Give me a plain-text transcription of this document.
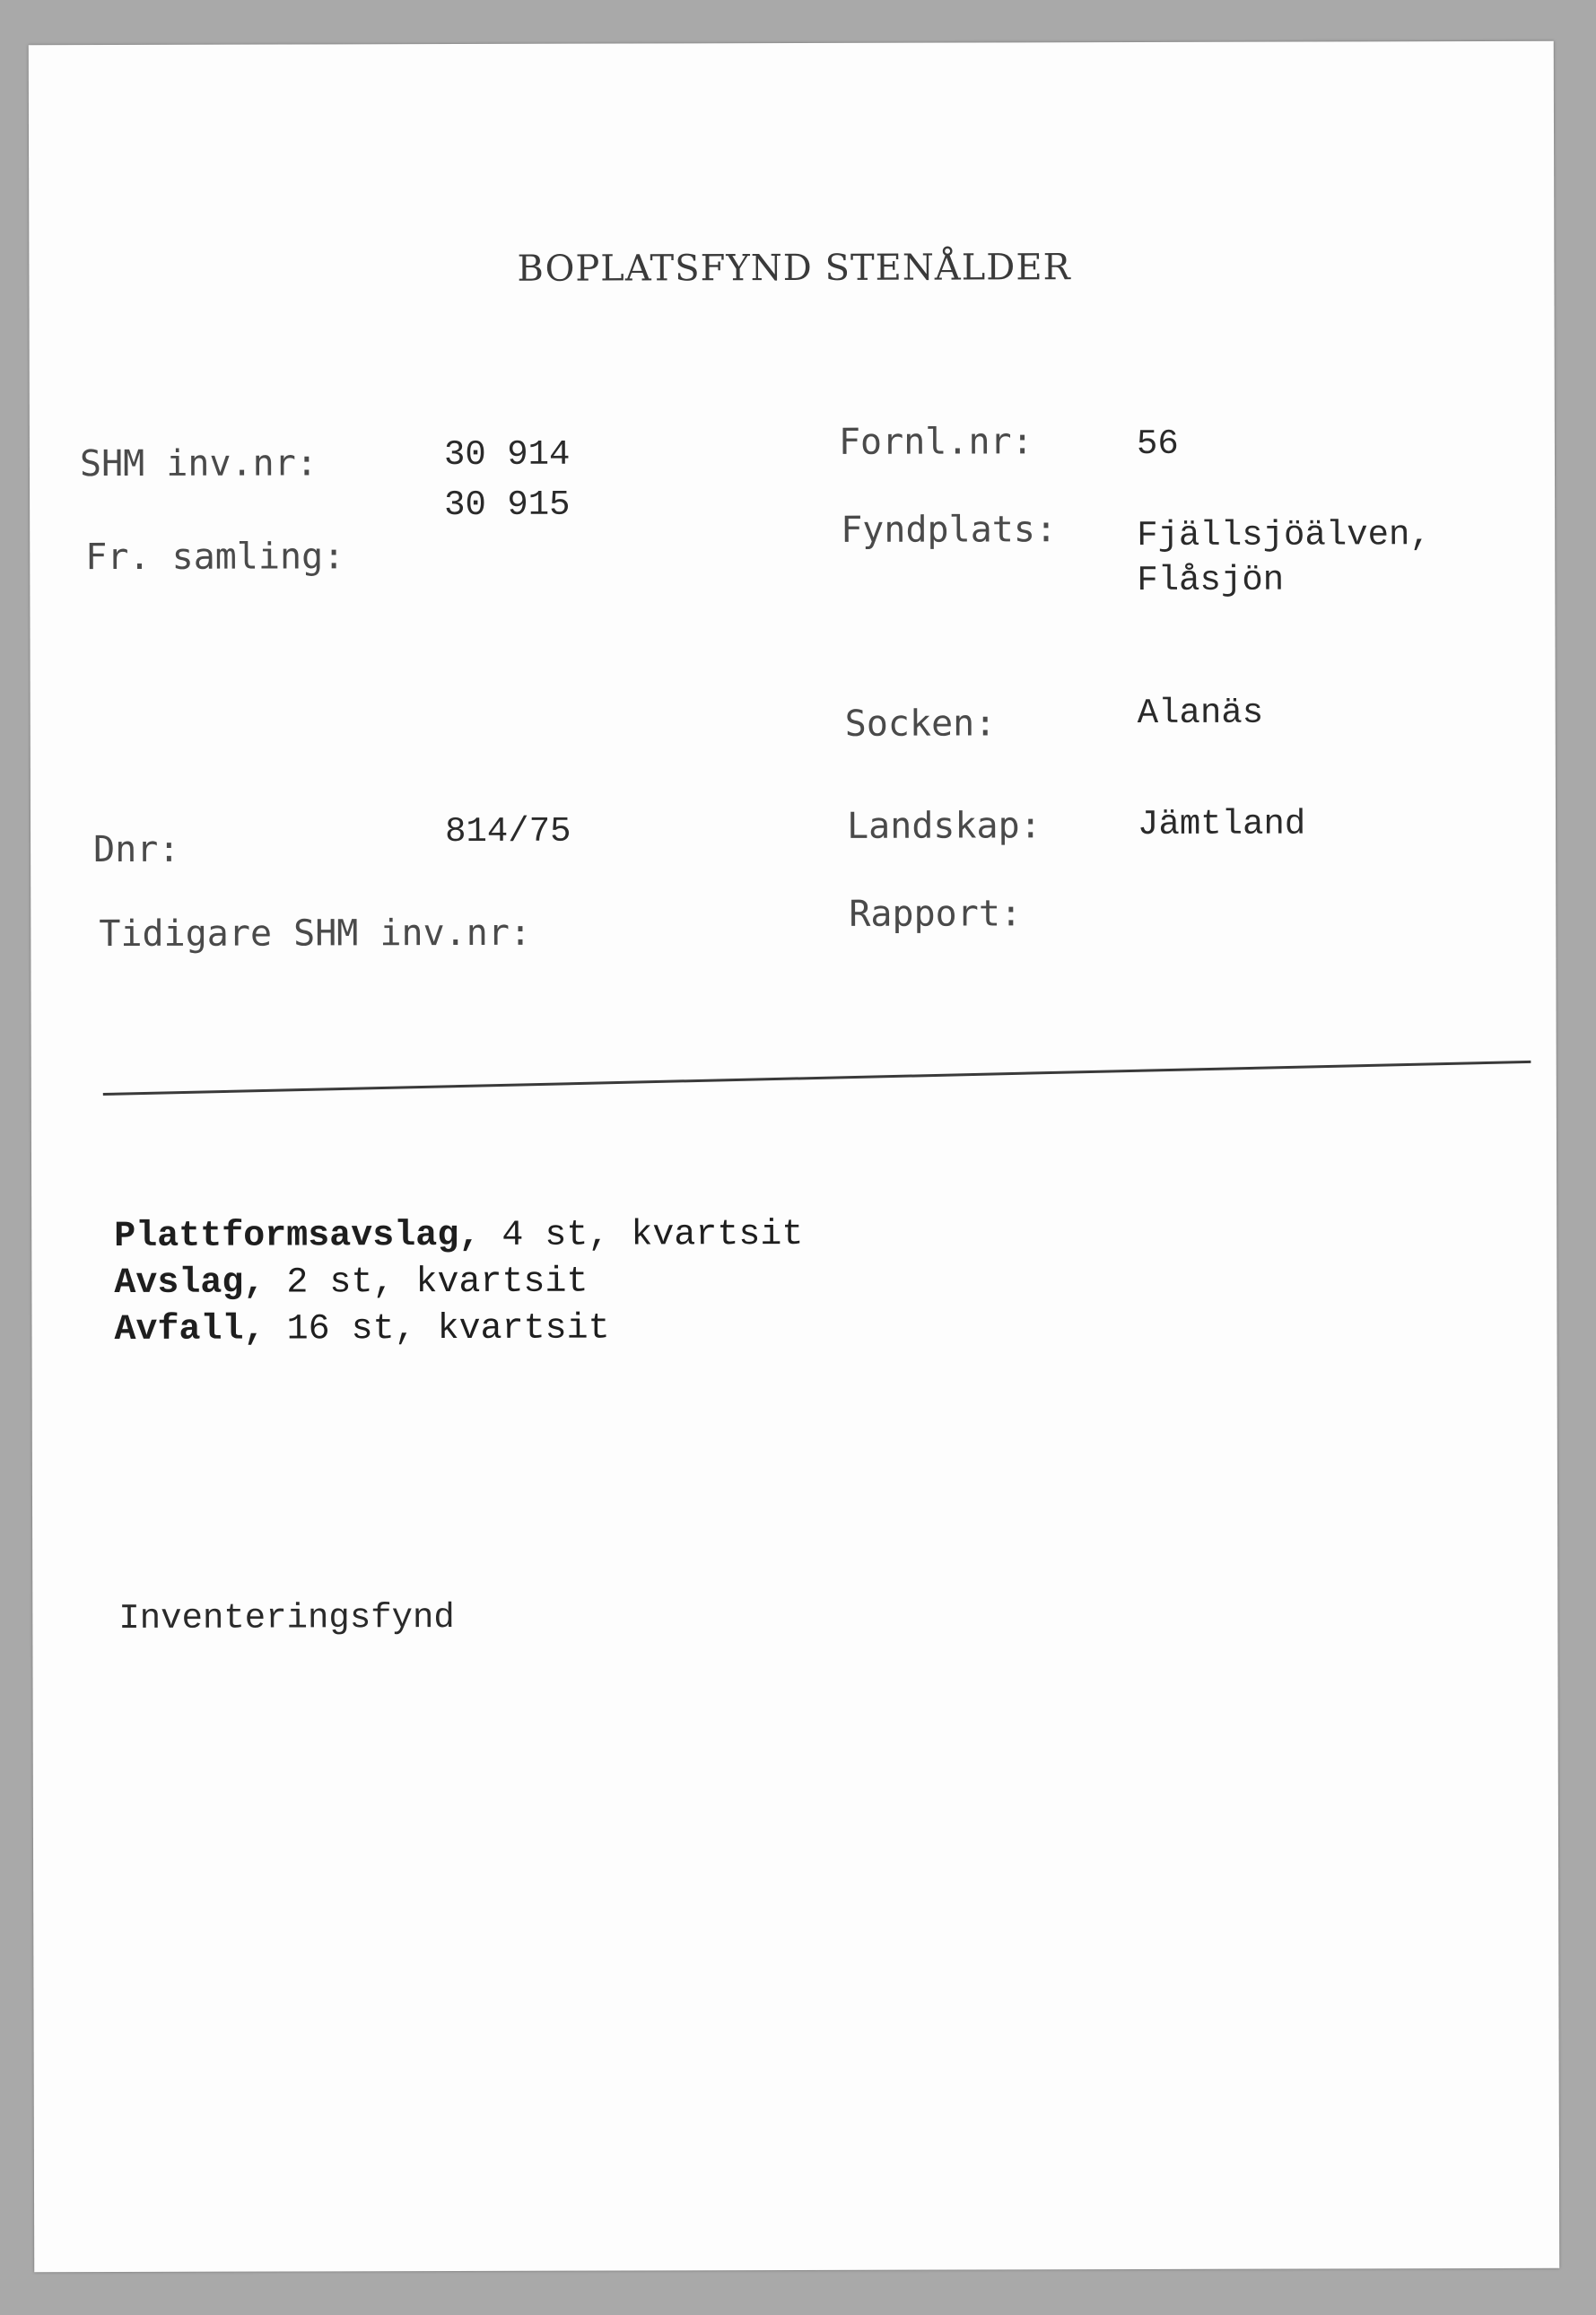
BOPLATSFYND STENÅLDER
SHM inv.nr:	30 914
30 915
Fr. samling:
Dnr:	814/75
Tidigare SHM inv.nr:
Fornl.nr:	56
Fyndplats: Fjällsjöälven,
Flåsjön
Socken:	Alanäs
Landskap:	Jämtland
Rapport:
Plattformsavslag, 4 st, kvartsit
Avslag, 2 st, kvartsit
Avfall, 16 st, kvartsit
Inventeringsfynd
